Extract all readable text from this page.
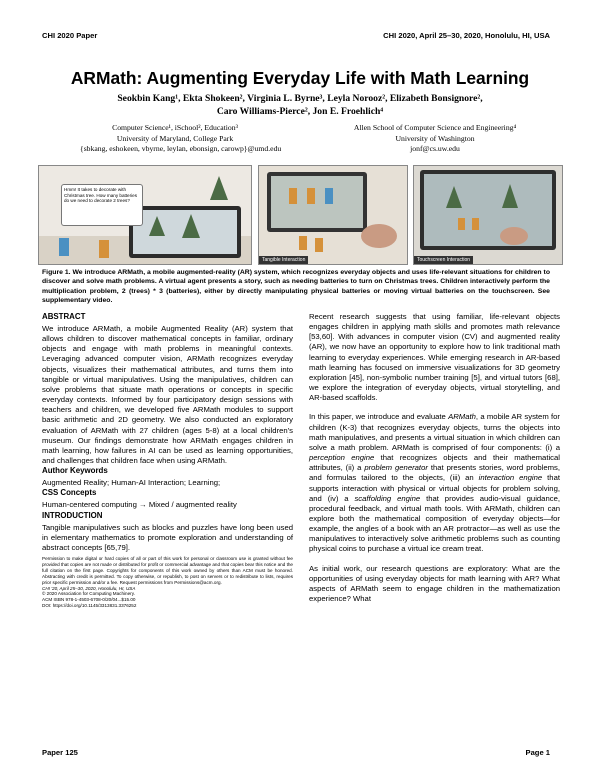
CHI 2020 Paper	CHI 2020, April 25–30, 2020, Honolulu, HI, USA
ARMath: Augmenting Everyday Life with Math Learning
Seokbin Kang¹, Ekta Shokeen², Virginia L. Byrne³, Leyla Norooz², Elizabeth Bonsignore²,
Caro Williams-Pierce², Jon E. Froehlich⁴
Computer Science¹, iSchool², Education³
University of Maryland, College Park
{sbkang, eshokeen, vbyrne, leylan, ebonsign, carowp}@umd.edu
Allen School of Computer Science and Engineering⁴
University of Washington
jonf@cs.uw.edu
Hmm! It takes to decorate with Christmas tree. How many batteries do we need to decorate 2 trees?
Tangible Interaction	Touchscreen Interaction
Figure 1. We introduce ARMath, a mobile augmented-reality (AR) system, which recognizes everyday objects and uses life-relevant situations for children to discover and solve math problems. A virtual agent presents a story, such as needing batteries to turn on Christmas trees. Children interactively perform the multiplication problem, 2 (trees) * 3 (batteries), either by directly manipulating physical batteries or moving virtual batteries on the touchscreen. See supplementary video.
ABSTRACT

We introduce ARMath, a mobile Augmented Reality (AR) system that allows children to discover mathematical concepts in familiar, ordinary objects and engage with math problems in meaningful contexts. Leveraging advanced computer vision, ARMath recognizes everyday objects, visualizes their mathematical attributes, and turns them into tangible or virtual manipulatives. Using the manipulatives, children can solve problems that situate math operations or concepts in specific everyday contexts. Informed by four participatory design sessions with teachers and children, we developed five ARMath modules to support basic arithmetic and 2D geometry. We also conducted an exploratory evaluation of ARMath with 27 children (ages 5-8) at a local children's museum. Our findings demonstrate how ARMath engages children in math learning, how failures in AI can be used as learning opportunities, and challenges that children face when using ARMath.

Author Keywords

Augmented Reality; Human-AI Interaction; Learning;

CSS Concepts

Human-centered computing → Mixed / augmented reality

INTRODUCTION

Tangible manipulatives such as blocks and puzzles have long been used in elementary mathematics to promote exploration and understanding of abstract concepts [65,79].

Permission to make digital or hard copies of all or part of this work for personal or classroom use is granted without fee provided that copies are not made or distributed for profit or commercial advantage and that copies bear this notice and the full citation on the first page. Copyrights for components of this work owned by others than ACM must be honored. Abstracting with credit is permitted. To copy otherwise, or republish, to post on servers or to redistribute to lists, requires prior specific permission and/or a fee. Request permissions from Permissions@acm.org.

CHI '20, April 25–30, 2020, Honolulu, HI, USA

© 2020 Association for Computing Machinery.

ACM ISBN 978-1-4503-6708-0/20/04...$15.00

DOI: https://doi.org/10.1145/3313831.3376252

Recent research suggests that using familiar, life-relevant objects engages children in applying math skills and promotes math relevance [53,60]. With advances in computer vision (CV) and augmented reality (AR), we now have an opportunity to explore how to link traditional math learning to everyday experiences. While emerging research in AR-based math learning has focused on immersive visualizations for 3D geometry exploration [45], non-symbolic number training [5], and virtual tutors [68], we explore the integration of everyday objects, virtual storytelling, and AR-based scaffolds.

In this paper, we introduce and evaluate ARMath, a mobile AR system for children (K-3) that recognizes everyday objects, turns the objects into math manipulatives, and presents a virtual situation in which children can solve a math problem. ARMath is comprised of four components: (i) a perception engine that recognizes objects and their mathematical attributes, (ii) a problem generator that presents stories, word problems, and formulas tailored to the objects, (iii) an interaction engine that supports interaction with physical or virtual objects for problem solving, and (iv) a scaffolding engine that provides audio-visual guidance, procedural feedback, and virtual math tools. With ARMath, children can explore both the mathematical composition of everyday objects—for example, the angles of a book with an AR protractor—as well as use the manipulatives to interactively solve arithmetic problems such as counting physical coins to purchase a virtual ice cream treat.

As initial work, our research questions are exploratory: What are the opportunities of using everyday objects for math learning with AR? What aspects of ARMath seem to engage children in the mathematization experience? What

Paper 125	Page 1
